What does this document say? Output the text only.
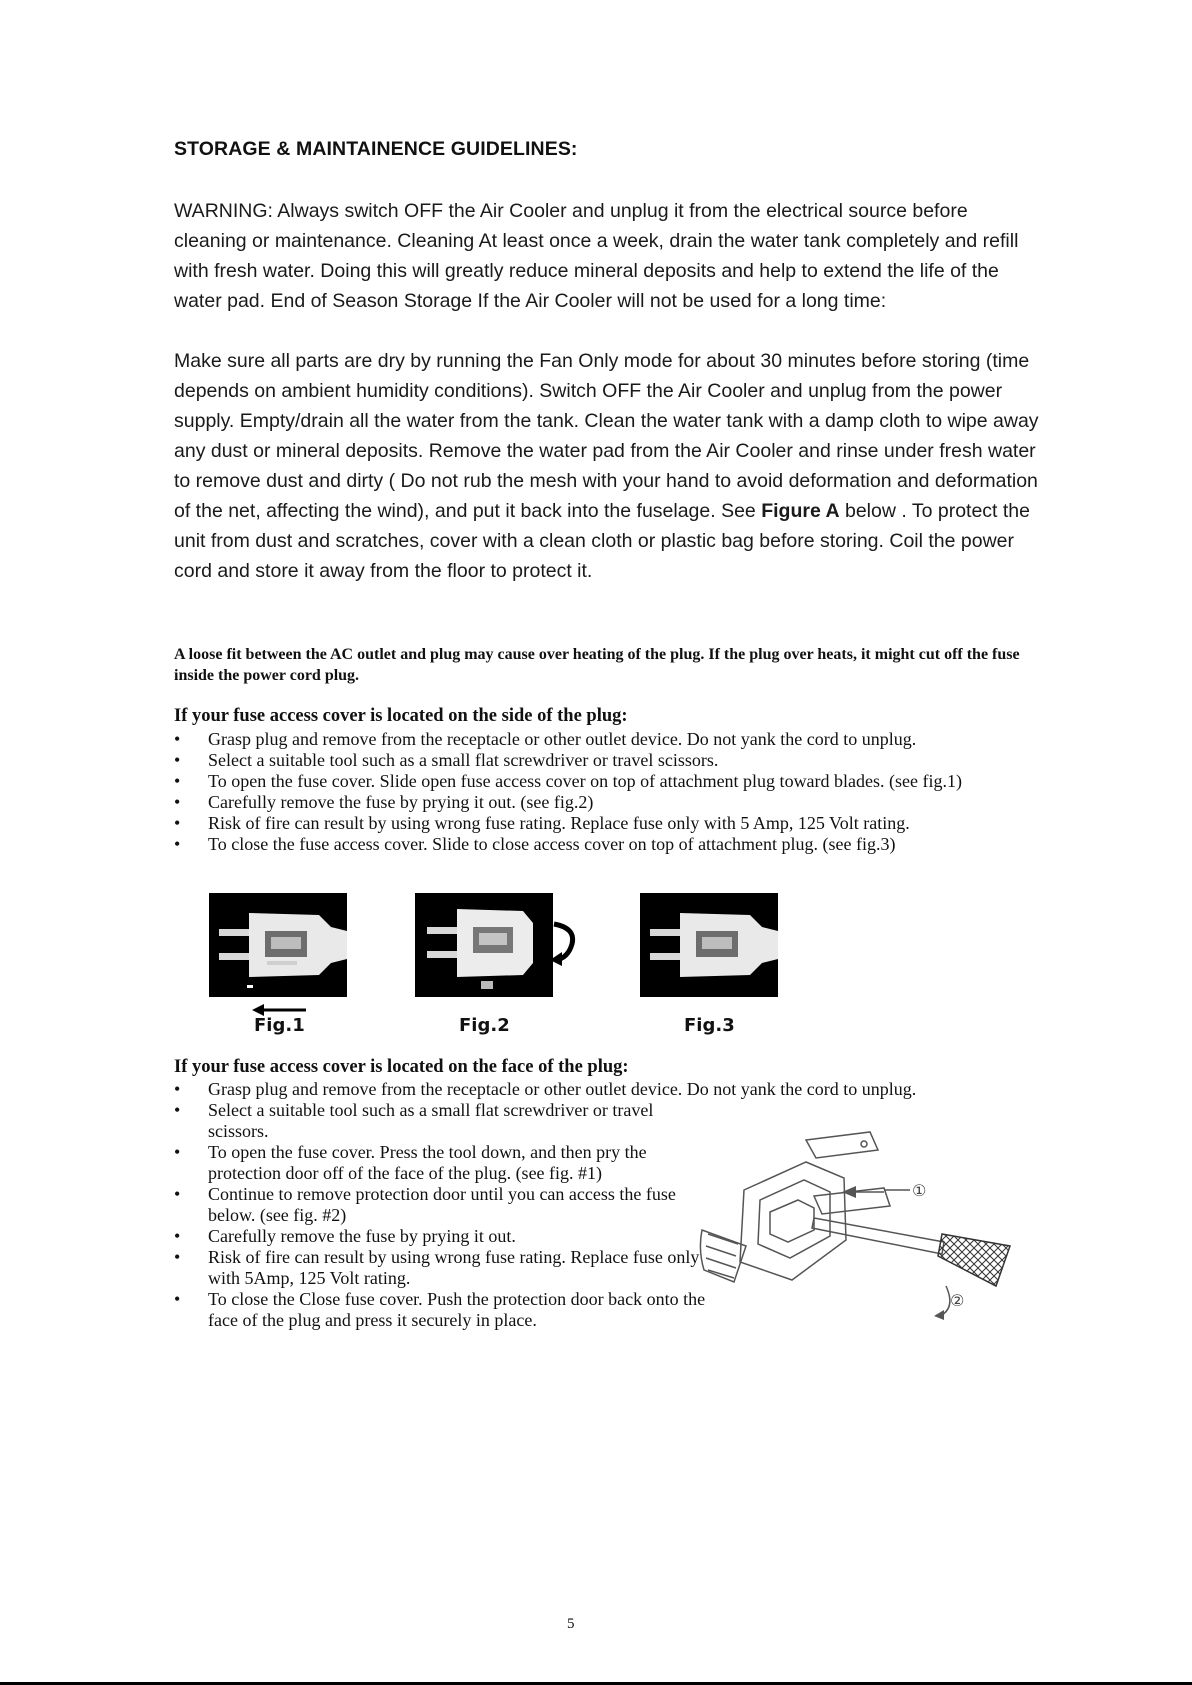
STORAGE & MAINTAINENCE GUIDELINES:
WARNING: Always switch OFF the Air Cooler and unplug it from the electrical source before cleaning or maintenance. Cleaning At least once a week, drain the water tank completely and refill with fresh water. Doing this will greatly reduce mineral deposits and help to extend the life of the water pad. End of Season Storage If the Air Cooler will not be used for a long time:
Make sure all parts are dry by running the Fan Only mode for about 30 minutes before storing (time depends on ambient humidity conditions). Switch OFF the Air Cooler and unplug from the power supply. Empty/drain all the water from the tank. Clean the water tank with a damp cloth to wipe away any dust or mineral deposits. Remove the water pad from the Air Cooler and rinse under fresh water to remove dust and dirty ( Do not rub the mesh with your hand to avoid deformation and deformation of the net, affecting the wind), and put it back into the fuselage. See Figure A below . To protect the unit from dust and scratches, cover with a clean cloth or plastic bag before storing. Coil the power cord and store it away from the floor to protect it.
A loose fit between the AC outlet and plug may cause over heating of the plug. If the plug over heats, it might cut off the fuse inside the power cord plug.
If your fuse access cover is located on the side of the plug:
• Grasp plug and remove from the receptacle or other outlet device. Do not yank the cord to unplug.
• Select a suitable tool such as a small flat screwdriver or travel scissors.
• To open the fuse cover. Slide open fuse access cover on top of attachment plug toward blades. (see fig.1)
• Carefully remove the fuse by prying it out. (see fig.2)
• Risk of fire can result by using wrong fuse rating. Replace fuse only with 5 Amp, 125 Volt rating.
• To close the fuse access cover. Slide to close access cover on top of attachment plug. (see fig.3)
Fig.1	Fig.2	Fig.3
If your fuse access cover is located on the face of the plug:
• Grasp plug and remove from the receptacle or other outlet device. Do not yank the cord to unplug.
• Select a suitable tool such as a small flat screwdriver or travel scissors.
• To open the fuse cover. Press the tool down, and then pry the protection door off of the face of the plug. (see fig. #1)
• Continue to remove protection door until you can access the fuse below. (see fig. #2)
• Carefully remove the fuse by prying it out.
• Risk of fire can result by using wrong fuse rating. Replace fuse only with 5Amp, 125 Volt rating.
• To close the Close fuse cover. Push the protection door back onto the face of the plug and press it securely in place.
①
②
5
